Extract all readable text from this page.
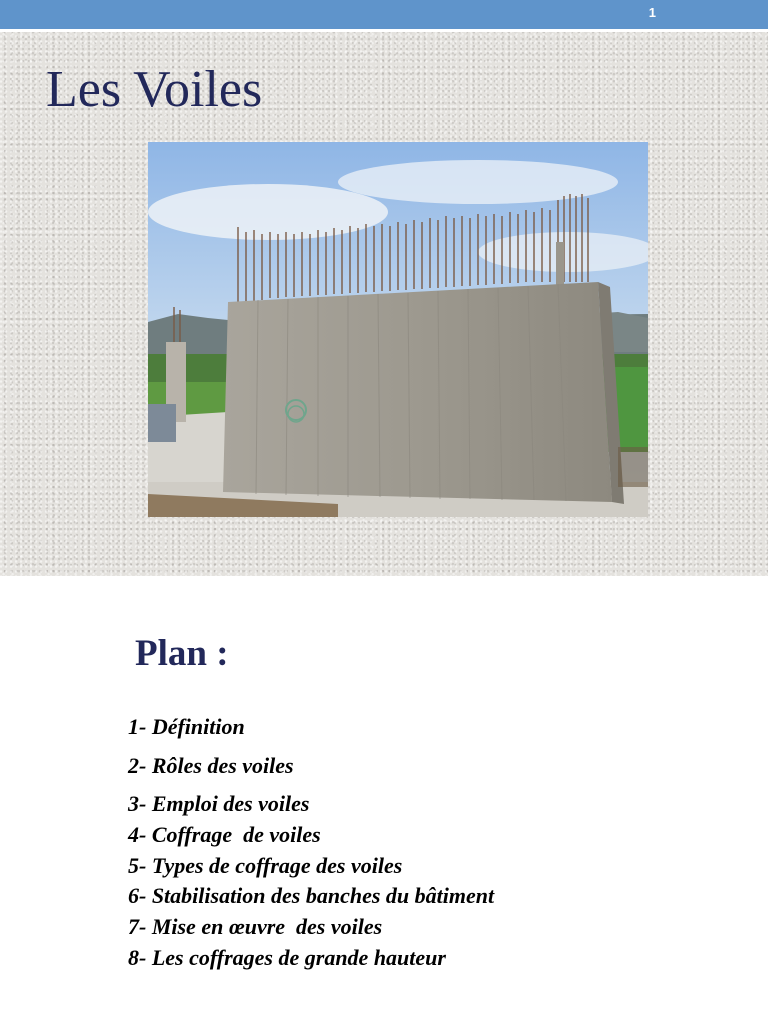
1
Les Voiles
Plan :
1- Définition
2- Rôles des voiles
3- Emploi des voiles
4- Coffrage  de voiles
5- Types de coffrage des voiles
6- Stabilisation des banches du bâtiment
7- Mise en œuvre  des voiles
8- Les coffrages de grande hauteur
